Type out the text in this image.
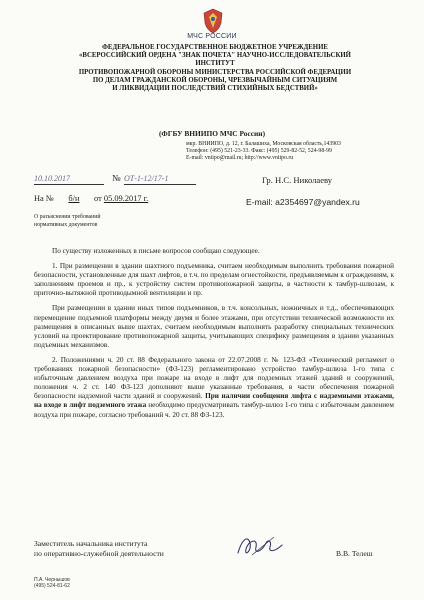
МЧС РОССИИ
ФЕДЕРАЛЬНОЕ ГОСУДАРСТВЕННОЕ БЮДЖЕТНОЕ УЧРЕЖДЕНИЕ
«ВСЕРОССИЙСКИЙ ОРДЕНА "ЗНАК ПОЧЕТА" НАУЧНО-ИССЛЕДОВАТЕЛЬСКИЙ ИНСТИТУТ
ПРОТИВОПОЖАРНОЙ ОБОРОНЫ МИНИСТЕРСТВА РОССИЙСКОЙ ФЕДЕРАЦИИ
ПО ДЕЛАМ ГРАЖДАНСКОЙ ОБОРОНЫ, ЧРЕЗВЫЧАЙНЫМ СИТУАЦИЯМ
И ЛИКВИДАЦИИ ПОСЛЕДСТВИЙ СТИХИЙНЫХ БЕДСТВИЙ»
(ФГБУ ВНИИПО МЧС России)
мкр. ВНИИПО, д. 12, г. Балашиха, Московская область,143903
Телефон: (495) 521-23-33. Факс: (495) 529-82-52, 524-98-99
E-mail: vniipo@mail.ru; http://www.vniipo.ru
10.10.2017	№ ОТ-1-12/17-1
На № б/н от 05.09.2017 г.
Гр. Н.С. Николаеву
E-mail: a2354697@yandex.ru
О разъяснении требований
нормативных документов

По существу изложенных в письме вопросов сообщаю следующее.

1. При размещении в здании шахтного подъемника, считаем необходимым выполнить требования пожарной безопасности, установленные для шахт лифтов, в т.ч. по пределам огнестойкости, предъявляемым к ограждениям, к заполнениям проемов и пр., к устройству систем противопожарной защиты, в частности к тамбур-шлюзам, к приточно-вытяжной противодымной вентиляции и пр.

При размещении в здании иных типов подъемников, в т.ч. консольных, ножничных и т.д., обеспечивающих перемещение подъемной платформы между двумя и более этажами, при отсутствии технической возможности их размещения в описанных выше шахтах, считаем необходимым выполнять разработку специальных технических условий на проектирование противопожарной защиты, учитывающих специфику размещения в здании указанных подъемных механизмов.

2. Положениями ч. 20 ст. 88 Федерального закона от 22.07.2008 г. № 123-ФЗ «Технический регламент о требованиях пожарной безопасности» (ФЗ-123) регламентировано устройство тамбур-шлюза 1-го типа с избыточным давлением воздуха при пожаре на входе в лифт для подземных этажей зданий и сооружений, положения ч. 2 ст. 140 ФЗ-123 дополняют выше указанные требования, в части обеспечения пожарной безопасности надземной части зданий и сооружений. При наличии сообщения лифта с надземными этажами, на входе в лифт подземного этажа необходимо предусматривать тамбур-шлюз 1-го типа с избыточным давлением воздуха при пожаре, согласно требований ч. 20 ст. 88 ФЗ-123.

Заместитель начальника института
по оперативно-служебной деятельности	В.В. Телеш
П.А. Чернышов
(495) 524-81-62
